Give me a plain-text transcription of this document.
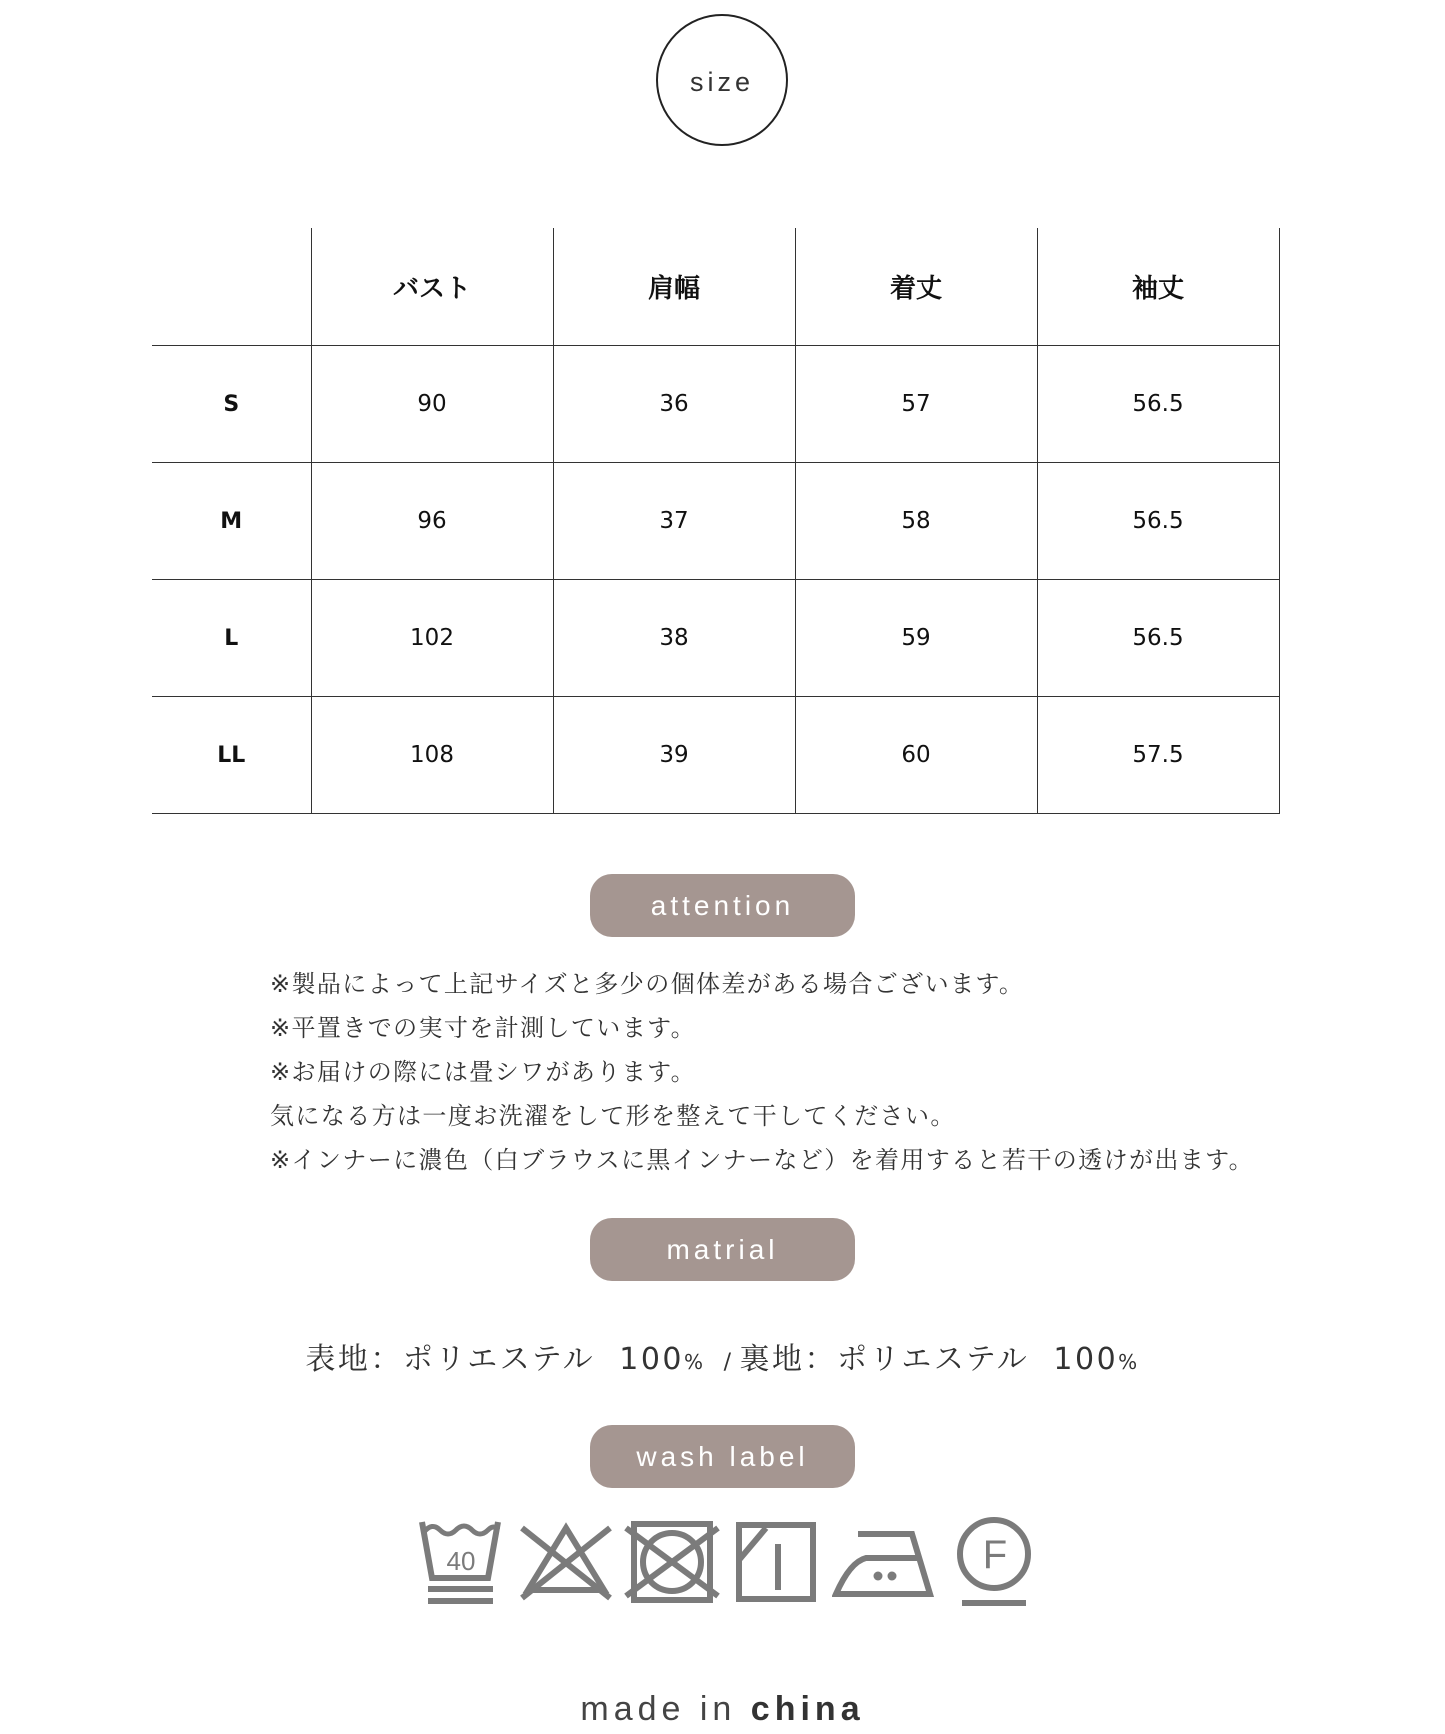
size
	バスト	肩幅	着丈	袖丈
S	90	36	57	56.5
M	96	37	58	56.5
L	102	38	59	56.5
LL	108	39	60	57.5
attention
※製品によって上記サイズと多少の個体差がある場合ございます。
※平置きでの実寸を計測しています。
※お届けの際には畳シワがあります。
気になる方は一度お洗濯をして形を整えて干してください。
※インナーに濃色（白ブラウスに黒インナーなど）を着用すると若干の透けが出ます。
matrial
表地：ポリエステル 100% / 裏地：ポリエステル 100%
wash label
40	F
made in china
